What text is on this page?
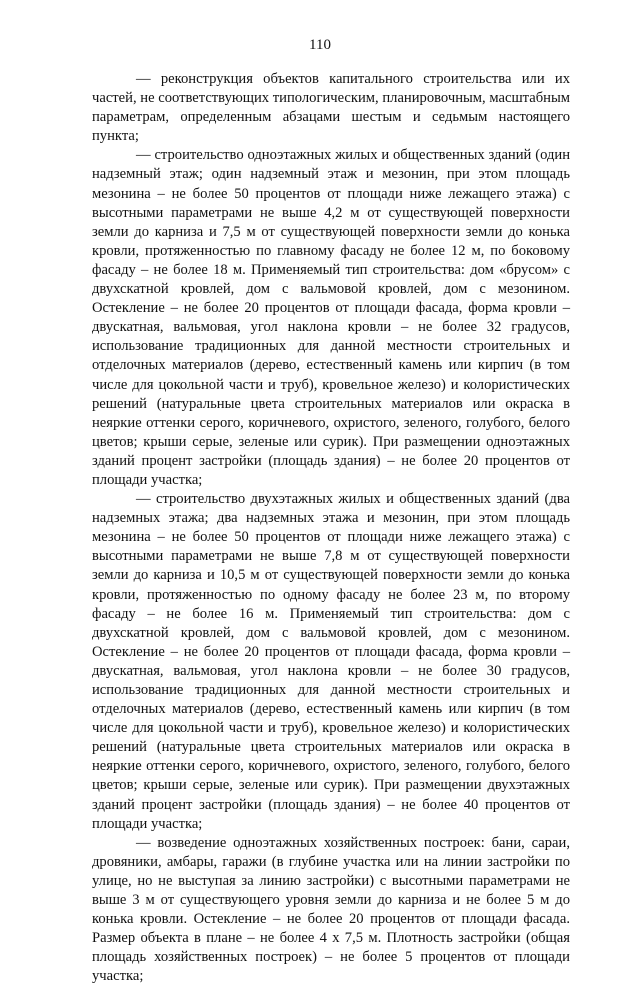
110

— реконструкция объектов капитального строительства или их частей, не соответствующих типологическим, планировочным, масштабным параметрам, определенным абзацами шестым и седьмым настоящего пункта;

— строительство одноэтажных жилых и общественных зданий (один надземный этаж; один надземный этаж и мезонин, при этом площадь мезонина – не более 50 процентов от площади ниже лежащего этажа) с высотными параметрами не выше 4,2 м от существующей поверхности земли до карниза и 7,5 м от существующей поверхности земли до конька кровли, протяженностью по главному фасаду не более 12 м, по боковому фасаду – не более 18 м. Применяемый тип строительства: дом «брусом» с двухскатной кровлей, дом с вальмовой кровлей, дом с мезонином. Остекление – не более 20 процентов от площади фасада, форма кровли – двускатная, вальмовая, угол наклона кровли – не более 32 градусов, использование традиционных для данной местности строительных и отделочных материалов (дерево, естественный камень или кирпич (в том числе для цокольной части и труб), кровельное железо) и колористических решений (натуральные цвета строительных материалов или окраска в неяркие оттенки серого, коричневого, охристого, зеленого, голубого, белого цветов; крыши серые, зеленые или сурик). При размещении одноэтажных зданий процент застройки (площадь здания) – не более 20 процентов от площади участка;

— строительство двухэтажных жилых и общественных зданий (два надземных этажа; два надземных этажа и мезонин, при этом площадь мезонина – не более 50 процентов от площади ниже лежащего этажа) с высотными параметрами не выше 7,8 м от существующей поверхности земли до карниза и 10,5 м от существующей поверхности земли до конька кровли, протяженностью по одному фасаду не более 23 м, по второму фасаду – не более 16 м. Применяемый тип строительства: дом с двухскатной кровлей, дом с вальмовой кровлей, дом с мезонином. Остекление – не более 20 процентов от площади фасада, форма кровли – двускатная, вальмовая, угол наклона кровли – не более 30 градусов, использование традиционных для данной местности строительных и отделочных материалов (дерево, естественный камень или кирпич (в том числе для цокольной части и труб), кровельное железо) и колористических решений (натуральные цвета строительных материалов или окраска в неяркие оттенки серого, коричневого, охристого, зеленого, голубого, белого цветов; крыши серые, зеленые или сурик). При размещении двухэтажных зданий процент застройки (площадь здания) – не более 40 процентов от площади участка;

— возведение одноэтажных хозяйственных построек: бани, сараи, дровяники, амбары, гаражи (в глубине участка или на линии застройки по улице, но не выступая за линию застройки) с высотными параметрами не выше 3 м от существующего уровня земли до карниза и не более 5 м до конька кровли. Остекление – не более 20 процентов от площади фасада. Размер объекта в плане – не более 4 х 7,5 м. Плотность застройки (общая площадь хозяйственных построек) – не более 5 процентов от площади участка;
